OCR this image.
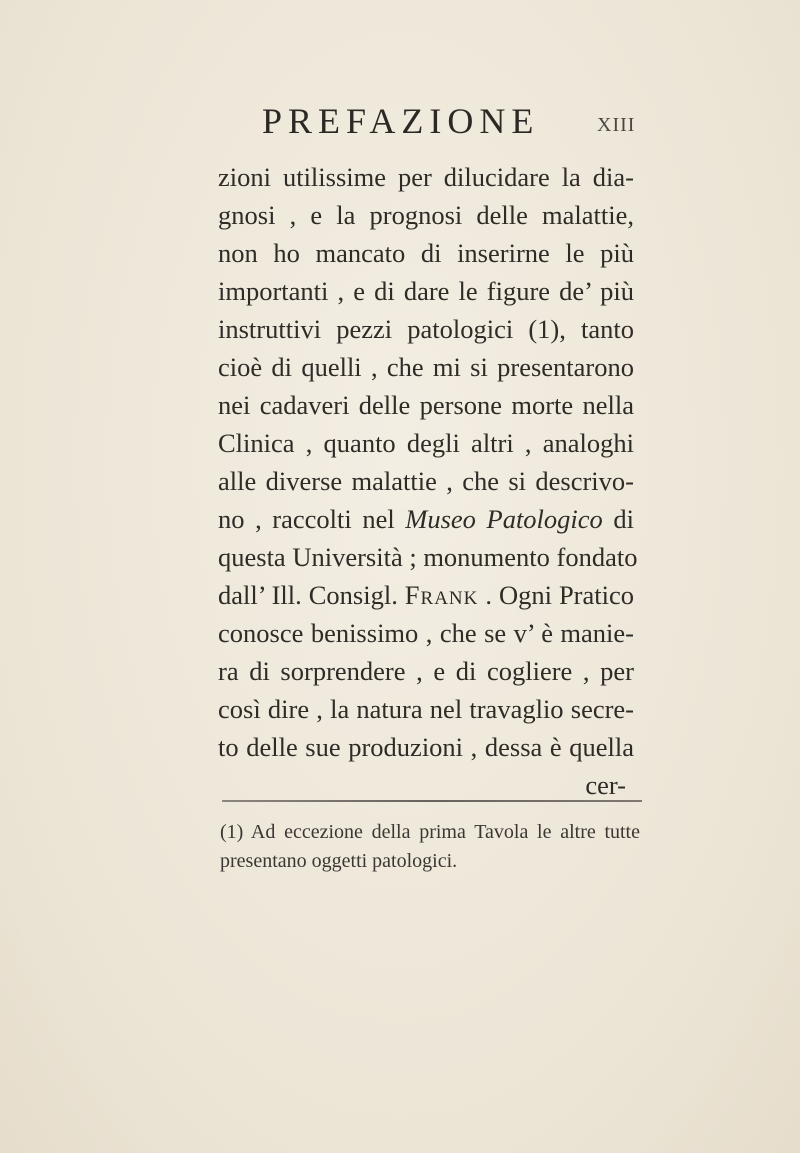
PREFAZIONE	XIII
zioni utilissime per dilucidare la dia-
gnosi , e la prognosi delle malattie,
non ho mancato di inserirne le più
importanti , e di dare le figure de’ più
instruttivi pezzi patologici (1), tanto
cioè di quelli , che mi si presentarono
nei cadaveri delle persone morte nella
Clinica , quanto degli altri , analoghi
alle diverse malattie , che si descrivo-
no , raccolti nel Museo Patologico di
questa Università ; monumento fondato
dall’ Ill. Consigl. Frank . Ogni Pratico
conosce benissimo , che se v’ è manie-
ra di sorprendere , e di cogliere , per
così dire , la natura nel travaglio secre-
to delle sue produzioni , dessa è quella
cer-
(1) Ad eccezione della prima Tavola le altre tutte
presentano oggetti patologici.
